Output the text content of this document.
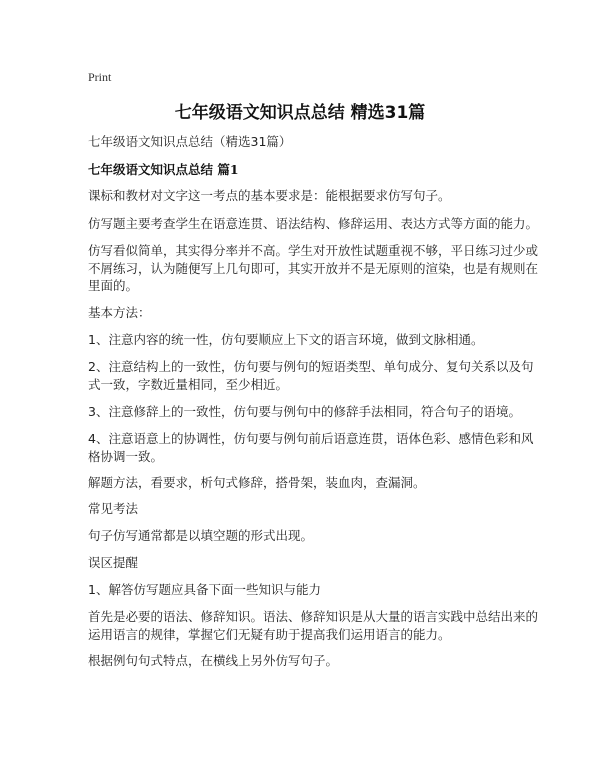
Print
七年级语文知识点总结 精选31篇
七年级语文知识点总结（精选31篇）
七年级语文知识点总结 篇1
课标和教材对文字这一考点的基本要求是：能根据要求仿写句子。
仿写题主要考查学生在语意连贯、语法结构、修辞运用、表达方式等方面的能力。
仿写看似简单，其实得分率并不高。学生对开放性试题重视不够，平日练习过少或
不屑练习，认为随便写上几句即可，其实开放并不是无原则的渲染，也是有规则在
里面的。
基本方法：
1、注意内容的统一性，仿句要顺应上下文的语言环境，做到文脉相通。
2、注意结构上的一致性，仿句要与例句的短语类型、单句成分、复句关系以及句
式一致，字数近量相同，至少相近。
3、注意修辞上的一致性，仿句要与例句中的修辞手法相同，符合句子的语境。
4、注意语意上的协调性，仿句要与例句前后语意连贯，语体色彩、感情色彩和风
格协调一致。
解题方法，看要求，析句式修辞，搭骨架，装血肉，查漏洞。
常见考法
句子仿写通常都是以填空题的形式出现。
误区提醒
1、解答仿写题应具备下面一些知识与能力
首先是必要的语法、修辞知识。语法、修辞知识是从大量的语言实践中总结出来的
运用语言的规律，掌握它们无疑有助于提高我们运用语言的能力。
根据例句句式特点，在横线上另外仿写句子。
